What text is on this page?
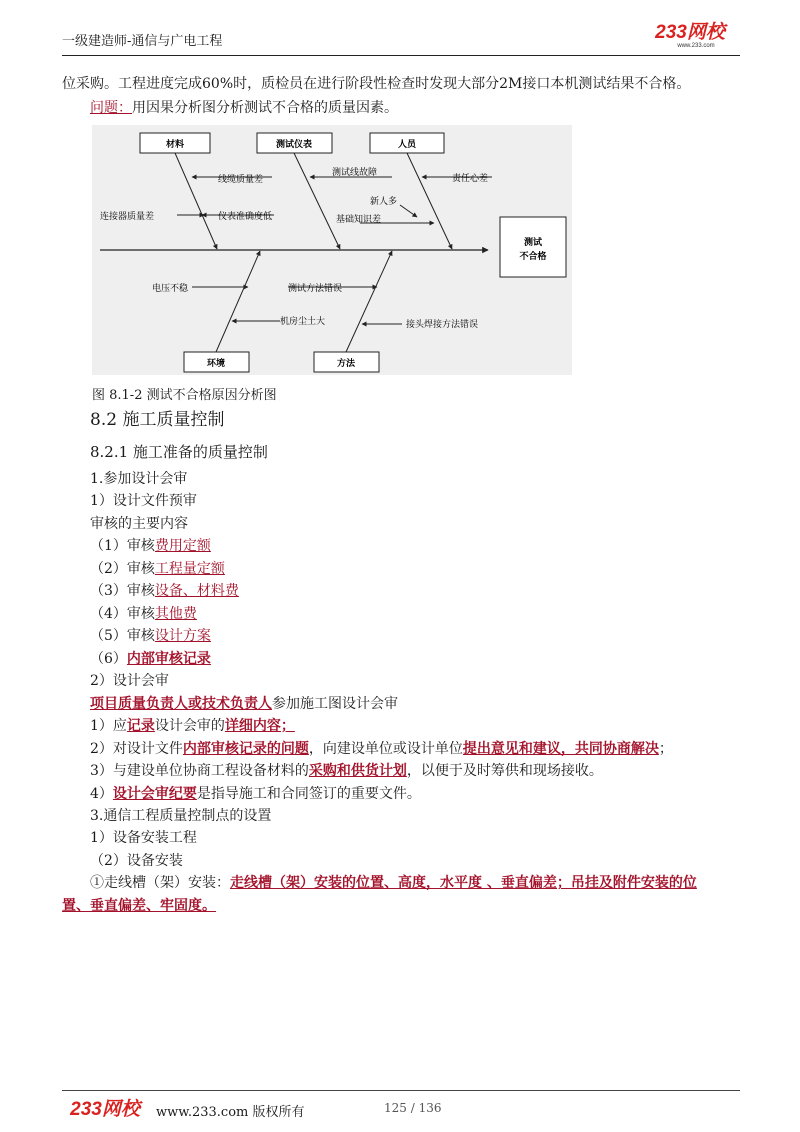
一级建造师-通信与广电工程	233网校
www.233.com
位采购。工程进度完成60%时，质检员在进行阶段性检查时发现大部分2M接口本机测试结果不合格。
问题：用因果分析图分析测试不合格的质量因素。
测试
不合格
材料	测试仪表	人员
环境	方法
线缆质量差
连接器质量差	仪表准确度低
测试线故障
责任心差
新人多
基础知识差
电压不稳
机房尘土大
测试方法错误
接头焊接方法错误
图 8.1-2 测试不合格原因分析图
8.2 施工质量控制
8.2.1 施工准备的质量控制
1.参加设计会审
1）设计文件预审
审核的主要内容
（1）审核费用定额
（2）审核工程量定额
（3）审核设备、材料费
（4）审核其他费
（5）审核设计方案
（6）内部审核记录
2）设计会审
项目质量负责人或技术负责人参加施工图设计会审
1）应记录设计会审的详细内容；
2）对设计文件内部审核记录的问题，向建设单位或设计单位提出意见和建议，共同协商解决；
3）与建设单位协商工程设备材料的采购和供货计划，以便于及时筹供和现场接收。
4）设计会审纪要是指导施工和合同签订的重要文件。
3.通信工程质量控制点的设置
1）设备安装工程
（2）设备安装
①走线槽（架）安装：走线槽（架）安装的位置、高度，水平度 、垂直偏差；吊挂及附件安装的位
置、垂直偏差、牢固度。
233网校 www.233.com 版权所有	125 / 136
